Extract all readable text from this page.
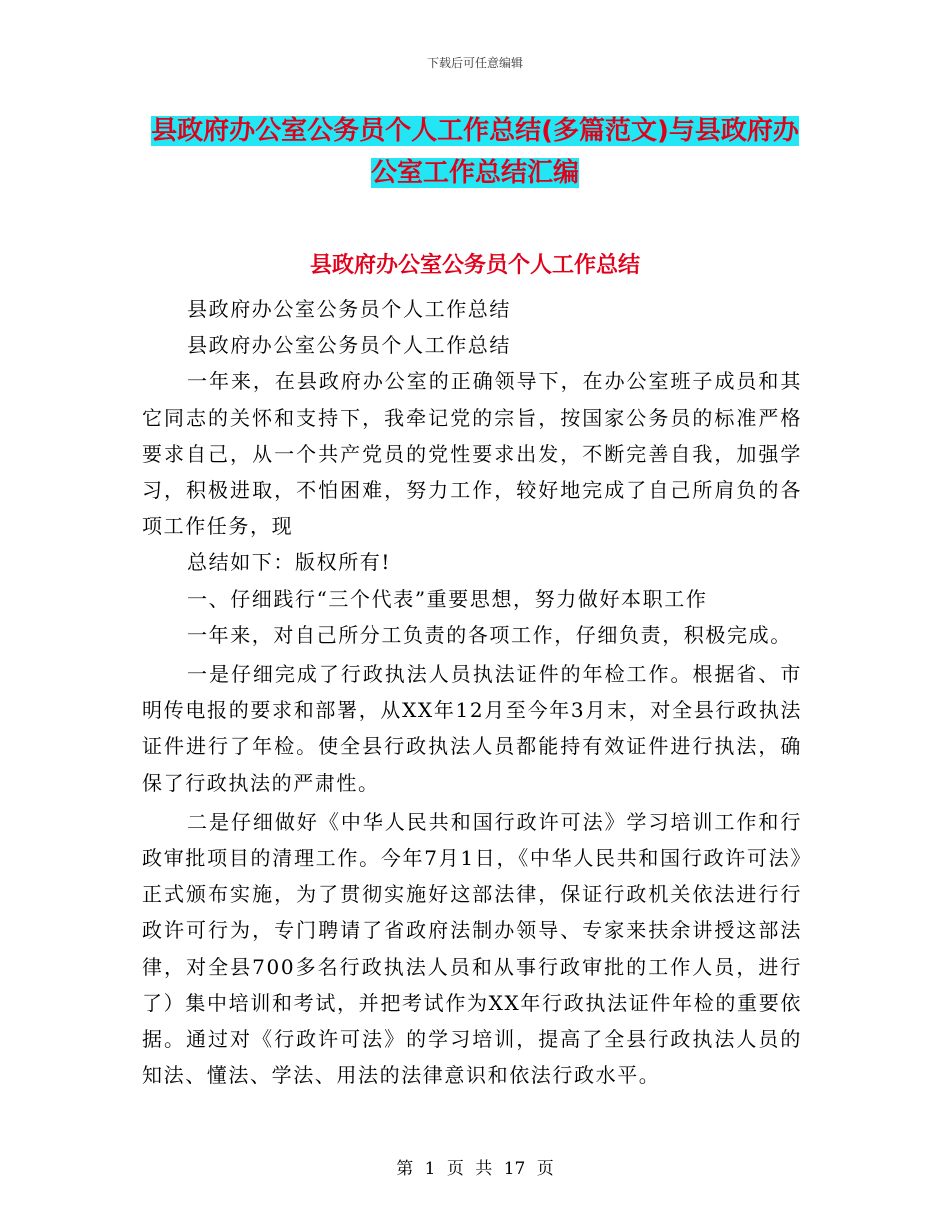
下载后可任意编辑
县政府办公室公务员个人工作总结(多篇范文)与县政府办公室工作总结汇编
县政府办公室公务员个人工作总结

县政府办公室公务员个人工作总结

县政府办公室公务员个人工作总结

一年来，在县政府办公室的正确领导下，在办公室班子成员和其它同志的关怀和支持下，我牵记党的宗旨，按国家公务员的标准严格要求自己，从一个共产党员的党性要求出发，不断完善自我，加强学习，积极进取，不怕困难，努力工作，较好地完成了自己所肩负的各项工作任务，现

总结如下：版权所有!

一、仔细践行“三个代表”重要思想，努力做好本职工作

一年来，对自己所分工负责的各项工作，仔细负责，积极完成。

一是仔细完成了行政执法人员执法证件的年检工作。根据省、市明传电报的要求和部署，从XX年12月至今年3月末，对全县行政执法证件进行了年检。使全县行政执法人员都能持有效证件进行执法，确保了行政执法的严肃性。

二是仔细做好《中华人民共和国行政许可法》学习培训工作和行政审批项目的清理工作。今年7月1日，《中华人民共和国行政许可法》正式颁布实施，为了贯彻实施好这部法律，保证行政机关依法进行行政许可行为，专门聘请了省政府法制办领导、专家来扶余讲授这部法律，对全县700多名行政执法人员和从事行政审批的工作人员，进行了）集中培训和考试，并把考试作为XX年行政执法证件年检的重要依据。通过对《行政许可法》的学习培训，提高了全县行政执法人员的知法、懂法、学法、用法的法律意识和依法行政水平。

第 1 页 共 17 页
